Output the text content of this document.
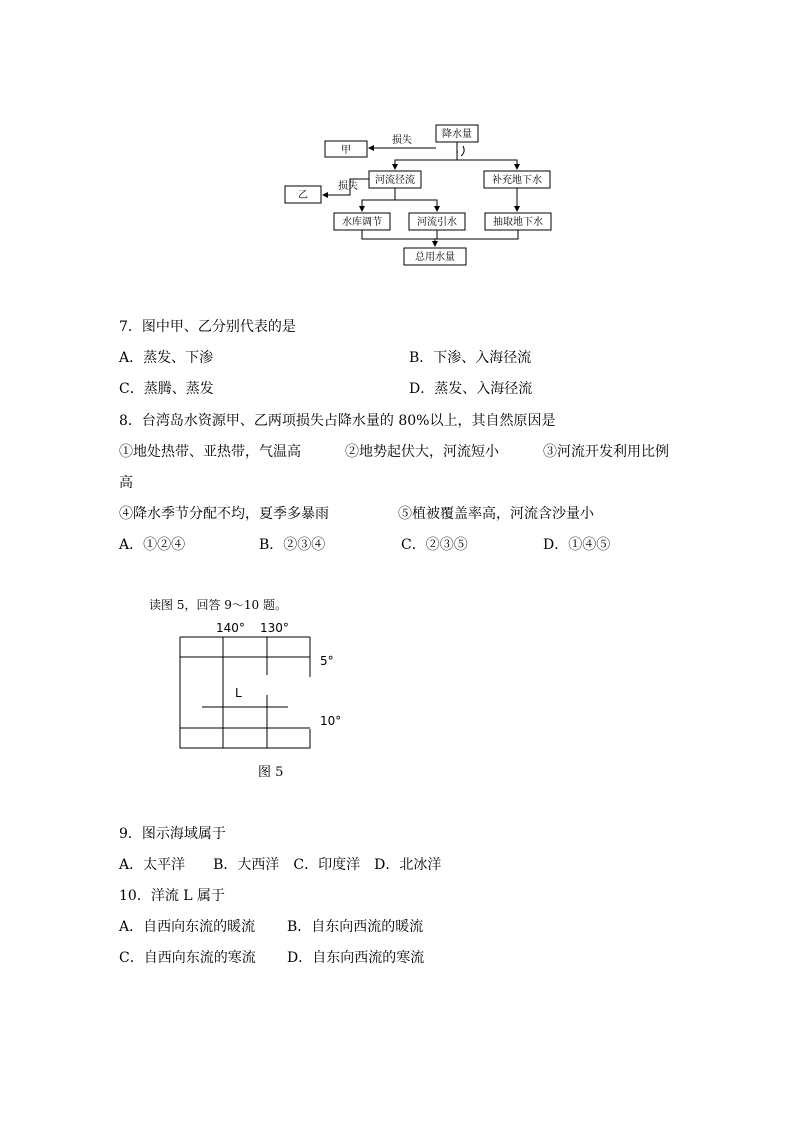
降水量
损失
甲
河流径流	补充地下水
损失
乙
水库调节	河流引水	抽取地下水
总用水量
7．图中甲、乙分别代表的是
A．蒸发、下渗	B．下渗、入海径流
C．蒸腾、蒸发	D．蒸发、入海径流
8．台湾岛水资源甲、乙两项损失占降水量的 80%以上，其自然原因是
①地处热带、亚热带，气温高	②地势起伏大，河流短小	③河流开发利用比例
高
④降水季节分配不均，夏季多暴雨	⑤植被覆盖率高，河流含沙量小
A．①②④	B．②③④	C．②③⑤	D．①④⑤
读图 5，回答 9～10 题。
140° 130°
5°
10°
L
图 5
9．图示海域属于
A．太平洋　　B．大西洋　C．印度洋　D．北冰洋
10．洋流 L 属于
A．自西向东流的暖流 B．自东向西流的暖流
C．自西向东流的寒流 D．自东向西流的寒流
